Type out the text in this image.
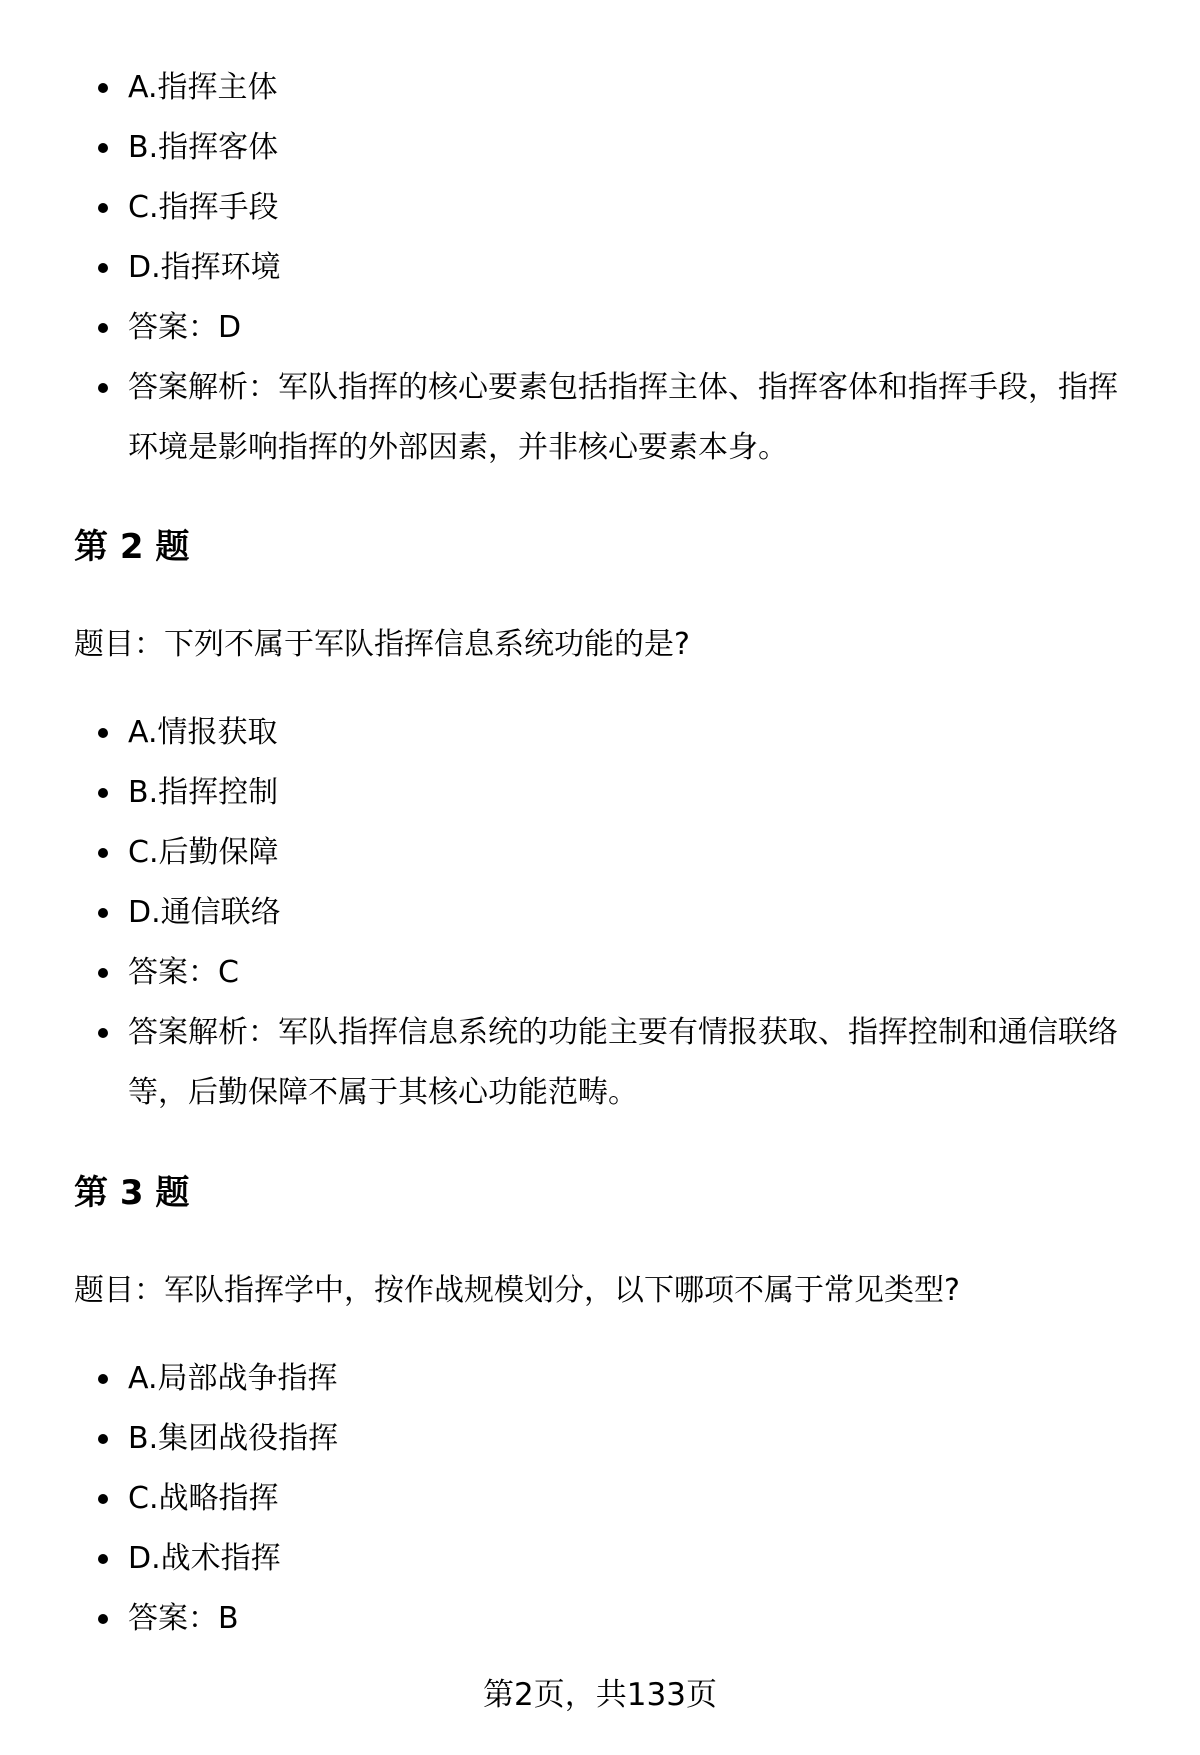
A.指挥主体
B.指挥客体
C.指挥手段
D.指挥环境
答案：D
答案解析：军队指挥的核心要素包括指挥主体、指挥客体和指挥手段，指挥环境是影响指挥的外部因素，并非核心要素本身。
第 2 题

题目：下列不属于军队指挥信息系统功能的是?

A.情报获取
B.指挥控制
C.后勤保障
D.通信联络
答案：C
答案解析：军队指挥信息系统的功能主要有情报获取、指挥控制和通信联络等，后勤保障不属于其核心功能范畴。
第 3 题

题目：军队指挥学中，按作战规模划分，以下哪项不属于常见类型?

A.局部战争指挥
B.集团战役指挥
C.战略指挥
D.战术指挥
答案：B
第2页，共133页
